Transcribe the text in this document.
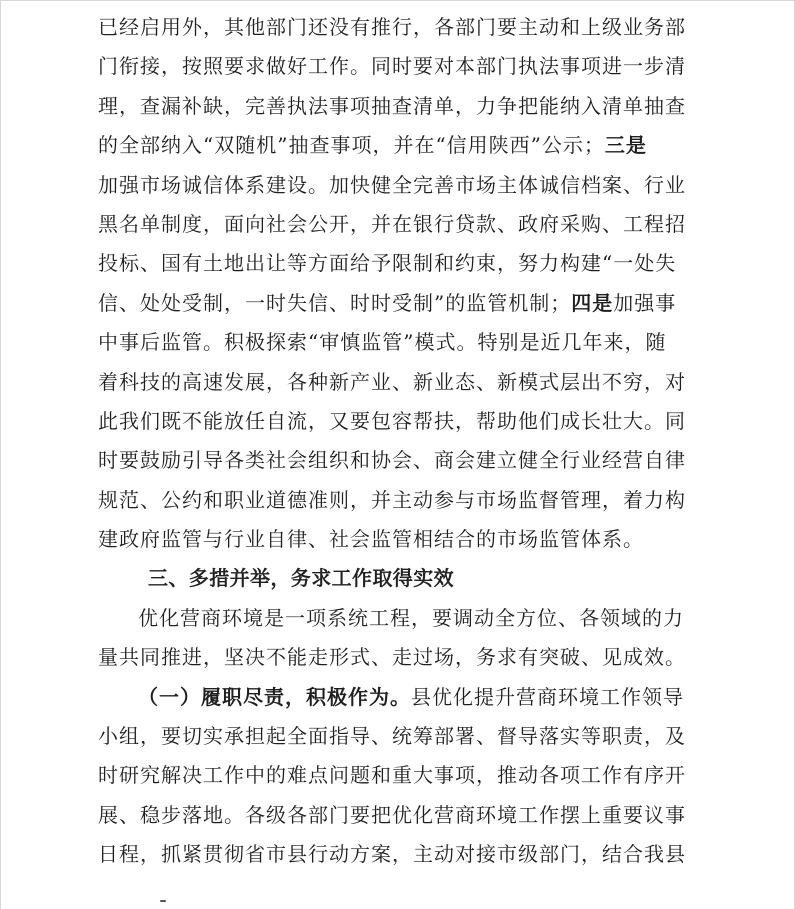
已经启用外，其他部门还没有推行，各部门要主动和上级业务部
门衔接，按照要求做好工作。同时要对本部门执法事项进一步清
理，查漏补缺，完善执法事项抽查清单，力争把能纳入清单抽查
的全部纳入“双随机”抽查事项，并在“信用陕西”公示；三是
加强市场诚信体系建设。加快健全完善市场主体诚信档案、行业
黑名单制度，面向社会公开，并在银行贷款、政府采购、工程招
投标、国有土地出让等方面给予限制和约束，努力构建“一处失
信、处处受制，一时失信、时时受制”的监管机制；四是加强事
中事后监管。积极探索“审慎监管”模式。特别是近几年来，随
着科技的高速发展，各种新产业、新业态、新模式层出不穷，对
此我们既不能放任自流，又要包容帮扶，帮助他们成长壮大。同
时要鼓励引导各类社会组织和协会、商会建立健全行业经营自律
规范、公约和职业道德准则，并主动参与市场监督管理，着力构
建政府监管与行业自律、社会监管相结合的市场监管体系。
三、多措并举，务求工作取得实效
优化营商环境是一项系统工程，要调动全方位、各领域的力
量共同推进，坚决不能走形式、走过场，务求有突破、见成效。
（一）履职尽责，积极作为。县优化提升营商环境工作领导
小组，要切实承担起全面指导、统筹部署、督导落实等职责，及
时研究解决工作中的难点问题和重大事项，推动各项工作有序开
展、稳步落地。各级各部门要把优化营商环境工作摆上重要议事
日程，抓紧贯彻省市县行动方案，主动对接市级部门，结合我县
